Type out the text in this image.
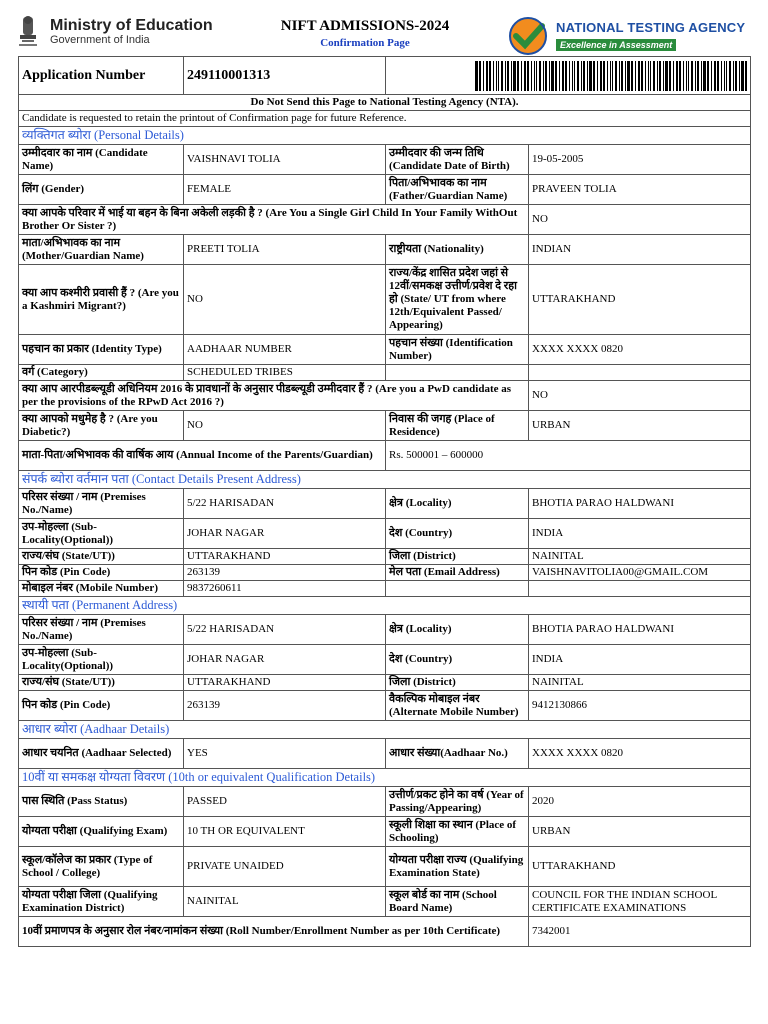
Ministry of Education
Government of India
NIFT ADMISSIONS-2024
Confirmation Page
NATIONAL TESTING AGENCY
Excellence in Assessment
Application Number	249110001313	

Do Not Send this Page to National Testing Agency (NTA).			
Candidate is requested to retain the printout of Confirmation page for future Reference.			
व्यक्तिगत ब्योरा (Personal Details)			
उम्मीदवार का नाम (Candidate Name)	VAISHNAVI TOLIA	उम्मीदवार की जन्म तिथि (Candidate Date of Birth)	19-05-2005
लिंग (Gender)	FEMALE	पिता/अभिभावक का नाम (Father/Guardian Name)	PRAVEEN TOLIA
क्या आपके परिवार में भाई या बहन के बिना अकेली लड़की है ? (Are You a Single Girl Child In Your Family WithOut Brother Or Sister ?)			NO
माता/अभिभावक का नाम (Mother/Guardian Name)	PREETI TOLIA	राष्ट्रीयता (Nationality)	INDIAN
क्या आप कश्मीरी प्रवासी हैं ? (Are you a Kashmiri Migrant?)	NO	राज्य/केंद्र शासित प्रदेश जहां से 12वीं/समकक्ष उत्तीर्ण/प्रवेश दे रहा हो (State/ UT from where 12th/Equivalent Passed/ Appearing)	UTTARAKHAND
पहचान का प्रकार (Identity Type)	AADHAAR NUMBER	पहचान संख्या (Identification Number)	XXXX XXXX 0820
वर्ग (Category)	SCHEDULED TRIBES		
क्या आप आरपीडब्ल्यूडी अधिनियम 2016 के प्रावधानों के अनुसार पीडब्ल्यूडी उम्मीदवार हैं ? (Are you a PwD candidate as per the provisions of the RPwD Act 2016 ?)			NO
क्या आपको मधुमेह है ? (Are you Diabetic?)	NO	निवास की जगह (Place of Residence)	URBAN
माता-पिता/अभिभावक की वार्षिक आय (Annual Income of the Parents/Guardian)		Rs. 500001 – 600000	
संपर्क ब्योरा वर्तमान पता (Contact Details Present Address)			
परिसर संख्या / नाम (Premises No./Name)	5/22 HARISADAN	क्षेत्र (Locality)	BHOTIA PARAO HALDWANI
उप-मोहल्ला (Sub-Locality(Optional))	JOHAR NAGAR	देश (Country)	INDIA
राज्य/संघ (State/UT))	UTTARAKHAND	जिला (District)	NAINITAL
पिन कोड (Pin Code)	263139	मेल पता (Email Address)	VAISHNAVITOLIA00@GMAIL.COM
मोबाइल नंबर (Mobile Number)	9837260611		
स्थायी पता (Permanent Address)			
परिसर संख्या / नाम (Premises No./Name)	5/22 HARISADAN	क्षेत्र (Locality)	BHOTIA PARAO HALDWANI
उप-मोहल्ला (Sub-Locality(Optional))	JOHAR NAGAR	देश (Country)	INDIA
राज्य/संघ (State/UT))	UTTARAKHAND	जिला (District)	NAINITAL
पिन कोड (Pin Code)	263139	वैकल्पिक मोबाइल नंबर (Alternate Mobile Number)	9412130866
आधार ब्योरा (Aadhaar Details)			
आधार चयनित (Aadhaar Selected)	YES	आधार संख्या(Aadhaar No.)	XXXX XXXX 0820
10वीं या समकक्ष योग्यता विवरण (10th or equivalent Qualification Details)			
पास स्थिति (Pass Status)	PASSED	उत्तीर्ण/प्रकट होने का वर्ष (Year of Passing/Appearing)	2020
योग्यता परीक्षा (Qualifying Exam)	10 TH OR EQUIVALENT	स्कूली शिक्षा का स्थान (Place of Schooling)	URBAN
स्कूल/कॉलेज का प्रकार (Type of School / College)	PRIVATE UNAIDED	योग्यता परीक्षा राज्य (Qualifying Examination State)	UTTARAKHAND
योग्यता परीक्षा जिला (Qualifying Examination District)	NAINITAL	स्कूल बोर्ड का नाम (School Board Name)	COUNCIL FOR THE INDIAN SCHOOL CERTIFICATE EXAMINATIONS
10वीं प्रमाणपत्र के अनुसार रोल नंबर/नामांकन संख्या (Roll Number/Enrollment Number as per 10th Certificate)			7342001
